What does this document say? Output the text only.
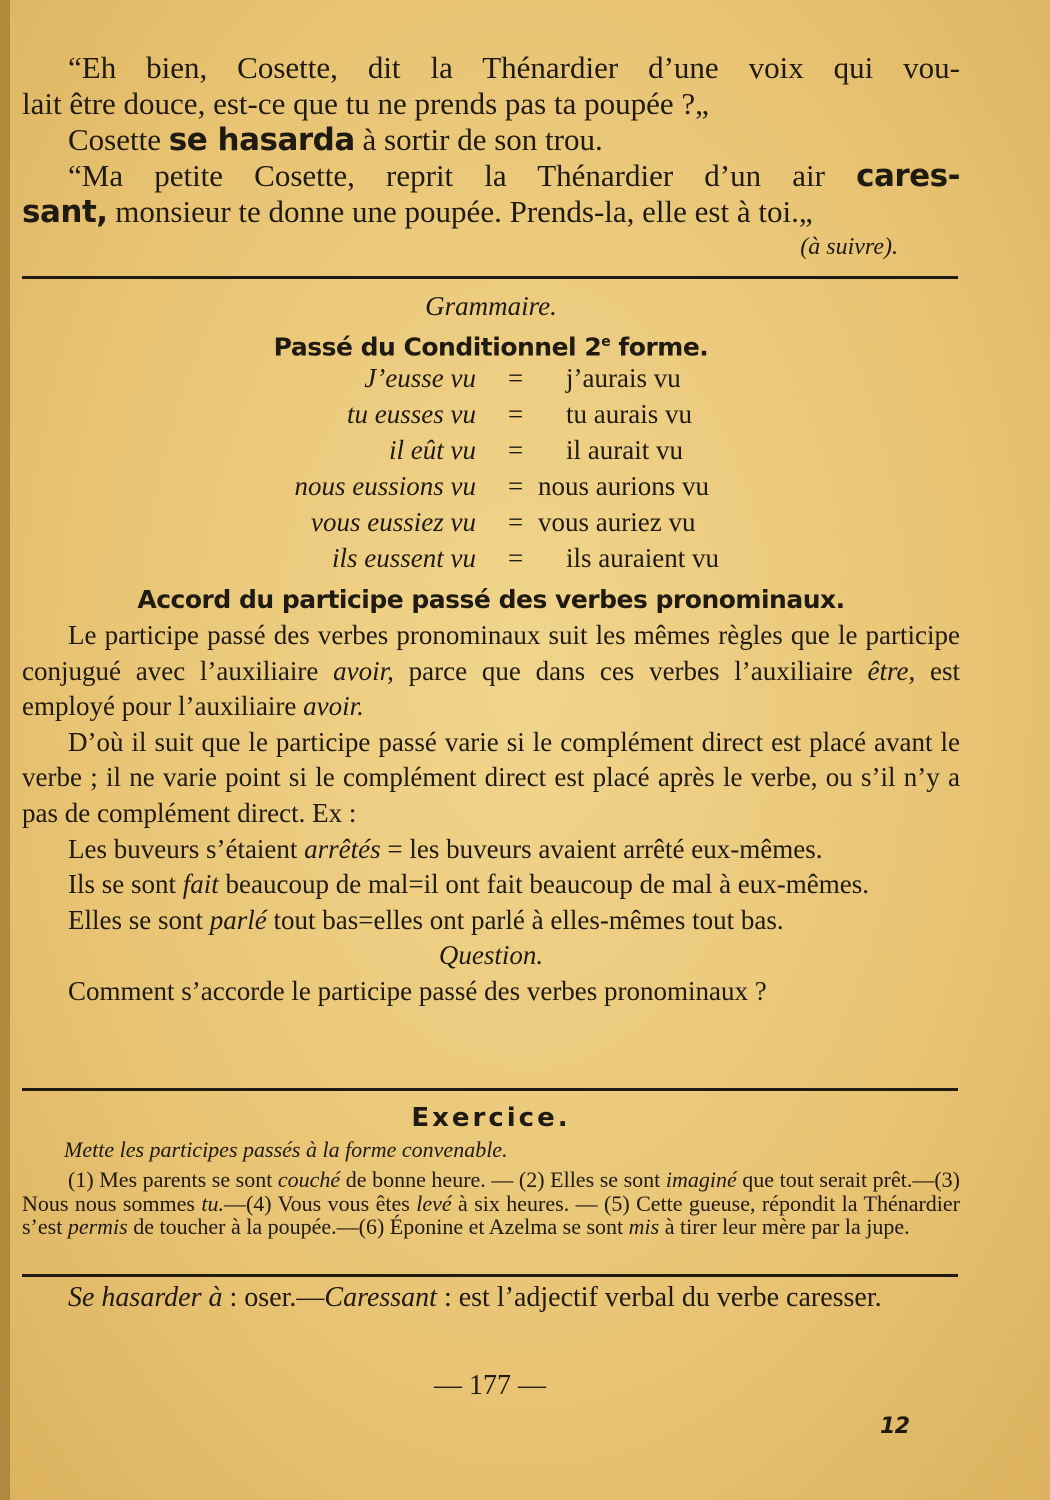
“Eh bien, Cosette, dit la Thénardier d’une voix qui vou-

lait être douce, est-ce que tu ne prends pas ta poupée ?„

Cosette se hasarda à sortir de son trou.

“Ma petite Cosette, reprit la Thénardier d’un air cares-

sant, monsieur te donne une poupée. Prends-la, elle est à toi.„

(à suivre).

Grammaire.

Passé du Conditionnel 2e forme.

J’eusse vu = j’aurais vu
tu eusses vu = tu aurais vu
il eût vu = il aurait vu
nous eussions vu = nous aurions vu
vous eussiez vu = vous auriez vu
ils eussent vu = ils auraient vu

Accord du participe passé des verbes pronominaux.

Le participe passé des verbes pronominaux suit les mêmes règles que le participe conjugué avec l’auxiliaire avoir, parce que dans ces verbes l’auxiliaire être, est employé pour l’auxiliaire avoir.

D’où il suit que le participe passé varie si le complément direct est placé avant le verbe ; il ne varie point si le complément direct est placé après le verbe, ou s’il n’y a pas de complément direct. Ex :

Les buveurs s’étaient arrêtés = les buveurs avaient arrêté eux-mêmes.

Ils se sont fait beaucoup de mal=il ont fait beaucoup de mal à eux-mêmes.

Elles se sont parlé tout bas=elles ont parlé à elles-mêmes tout bas.

Question.

Comment s’accorde le participe passé des verbes pronominaux ?

Exercice.

Mette les participes passés à la forme convenable.

(1) Mes parents se sont couché de bonne heure. — (2) Elles se sont imaginé que tout serait prêt.—(3) Nous nous sommes tu.—(4) Vous vous êtes levé à six heures. — (5) Cette gueuse, répondit la Thénardier s’est permis de toucher à la poupée.—(6) Éponine et Azelma se sont mis à tirer leur mère par la jupe.

Se hasarder à : oser.—Caressant : est l’adjectif verbal du verbe caresser.

— 177 —

12
